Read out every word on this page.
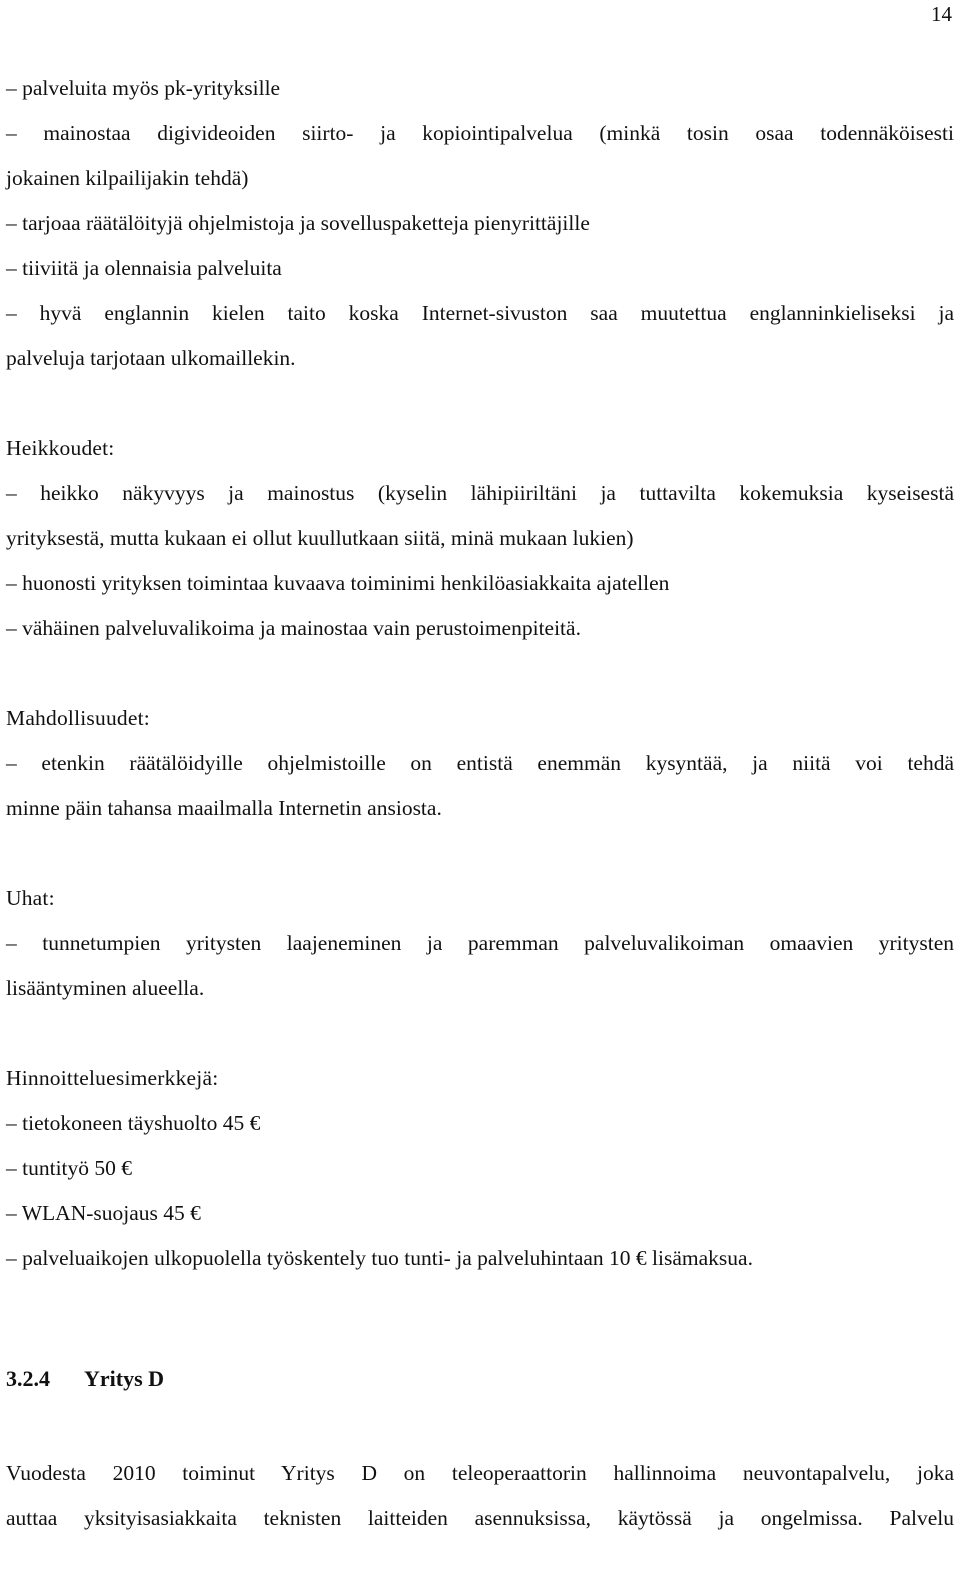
14
– palveluita myös pk-yrityksille
– mainostaa digivideoiden siirto- ja kopiointipalvelua (minkä tosin osaa todennäköisesti
jokainen kilpailijakin tehdä)
– tarjoaa räätälöityjä ohjelmistoja ja sovelluspaketteja pienyrittäjille
– tiiviitä ja olennaisia palveluita
– hyvä englannin kielen taito koska Internet-sivuston saa muutettua englanninkieliseksi ja
palveluja tarjotaan ulkomaillekin.
Heikkoudet:
– heikko näkyvyys ja mainostus (kyselin lähipiiriltäni ja tuttavilta kokemuksia kyseisestä
yrityksestä, mutta kukaan ei ollut kuullutkaan siitä, minä mukaan lukien)
– huonosti yrityksen toimintaa kuvaava toiminimi henkilöasiakkaita ajatellen
– vähäinen palveluvalikoima ja mainostaa vain perustoimenpiteitä.
Mahdollisuudet:
– etenkin räätälöidyille ohjelmistoille on entistä enemmän kysyntää, ja niitä voi tehdä
minne päin tahansa maailmalla Internetin ansiosta.
Uhat:
– tunnetumpien yritysten laajeneminen ja paremman palveluvalikoiman omaavien yritysten
lisääntyminen alueella.
Hinnoitteluesimerkkejä:
– tietokoneen täyshuolto 45 €
– tuntityö 50 €
– WLAN-suojaus 45 €
– palveluaikojen ulkopuolella työskentely tuo tunti- ja palveluhintaan 10 € lisämaksua.
3.2.4 Yritys D
Vuodesta 2010 toiminut Yritys D on teleoperaattorin hallinnoima neuvontapalvelu, joka
auttaa yksityisasiakkaita teknisten laitteiden asennuksissa, käytössä ja ongelmissa. Palvelu
